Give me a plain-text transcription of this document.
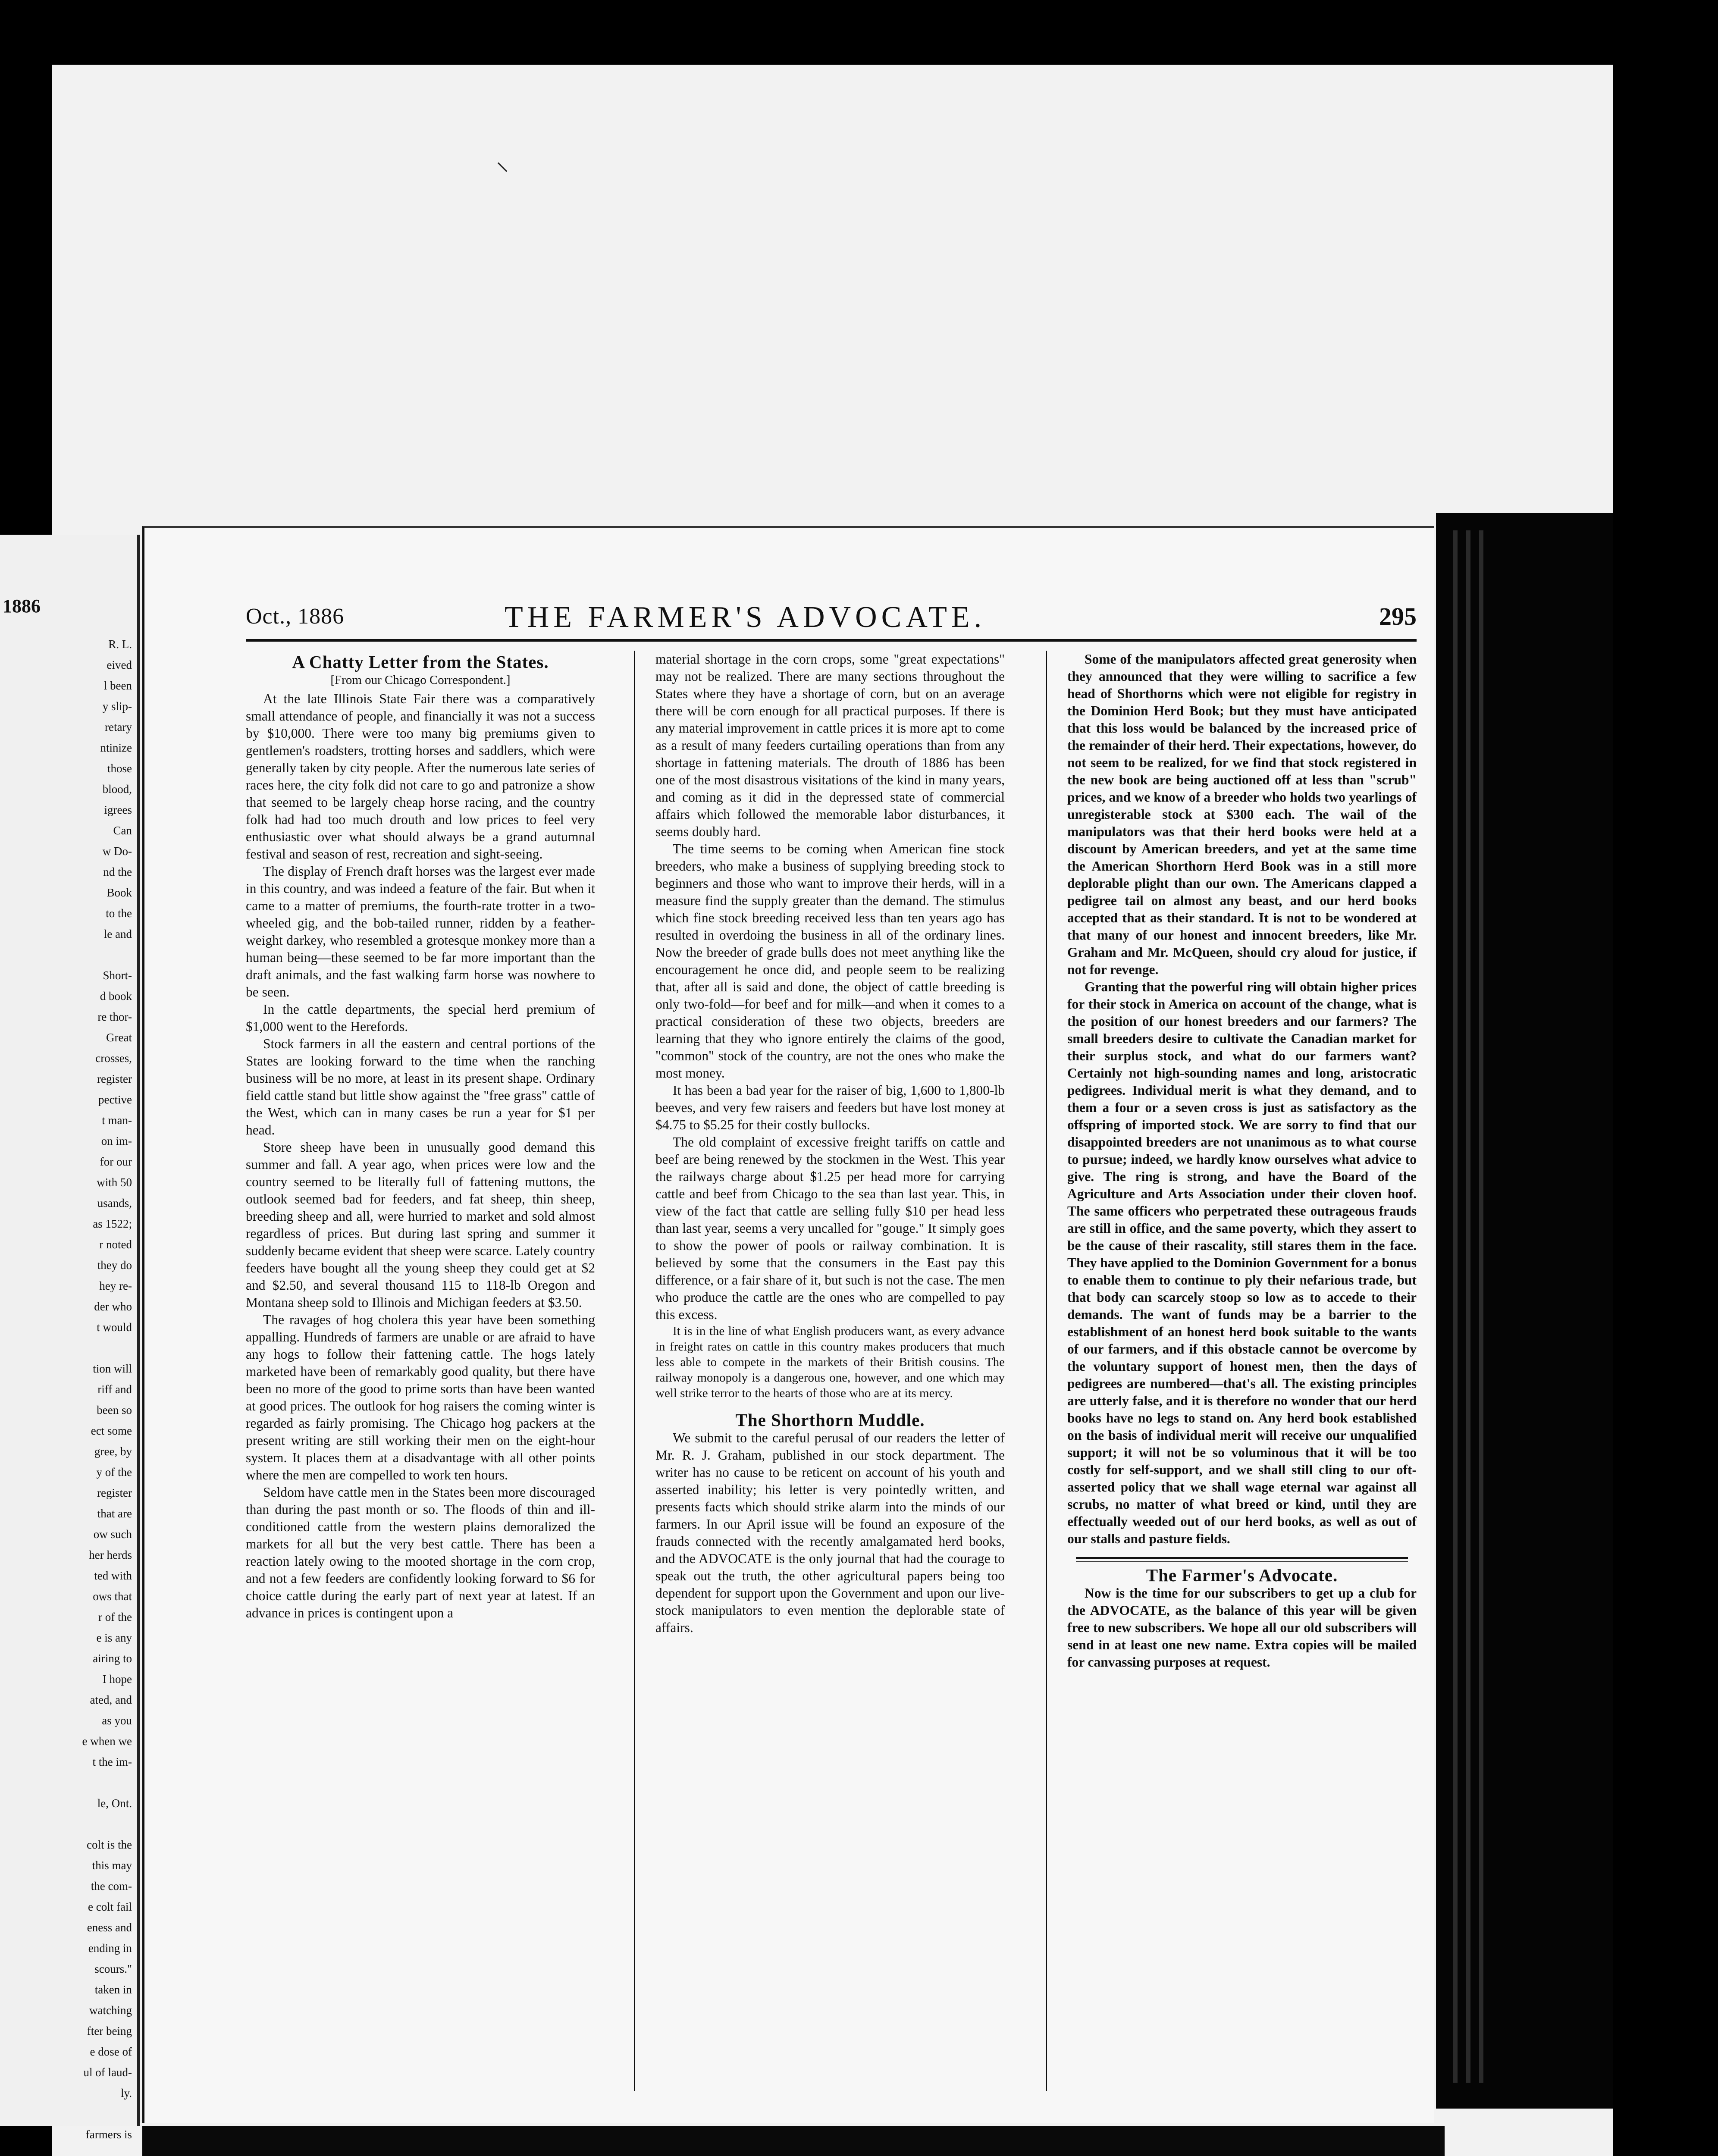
⸜
1886
R. L.
eived
l been
y slip-
retary
ntinize
those
blood,
igrees
Can
w Do-
nd the
Book
to the
le and
Short-
d book
re thor-
Great
crosses,
register
pective
t man-
on im-
for our
with 50
usands,
as 1522;
r noted
they do
hey re-
der who
t would
tion will
riff and
been so
ect some
gree, by
y of the
register
that are
ow such
her herds
ted with
ows that
r of the
e is any
airing to
I hope
ated, and
as you
e when we
t the im-
le, Ont.
colt is the
this may
the com-
e colt fail
eness and
ending in
scours."
taken in
watching
fter being
e dose of
ul of laud-
ly.
farmers is
Oct., 1886	THE FARMER'S ADVOCATE.	295
A Chatty Letter from the States.

[From our Chicago Correspondent.]

At the late Illinois State Fair there was a comparatively small attendance of people, and financially it was not a success by $10,000. There were too many big premiums given to gentlemen's roadsters, trotting horses and saddlers, which were generally taken by city people. After the numerous late series of races here, the city folk did not care to go and patronize a show that seemed to be largely cheap horse racing, and the country folk had had too much drouth and low prices to feel very enthusiastic over what should always be a grand autumnal festival and season of rest, recreation and sight-seeing.

The display of French draft horses was the largest ever made in this country, and was indeed a feature of the fair. But when it came to a matter of premiums, the fourth-rate trotter in a two-wheeled gig, and the bob-tailed runner, ridden by a feather-weight darkey, who resembled a grotesque monkey more than a human being—these seemed to be far more important than the draft animals, and the fast walking farm horse was nowhere to be seen.

In the cattle departments, the special herd premium of $1,000 went to the Herefords.

Stock farmers in all the eastern and central portions of the States are looking forward to the time when the ranching business will be no more, at least in its present shape. Ordinary field cattle stand but little show against the "free grass" cattle of the West, which can in many cases be run a year for $1 per head.

Store sheep have been in unusually good demand this summer and fall. A year ago, when prices were low and the country seemed to be literally full of fattening muttons, the outlook seemed bad for feeders, and fat sheep, thin sheep, breeding sheep and all, were hurried to market and sold almost regardless of prices. But during last spring and summer it suddenly became evident that sheep were scarce. Lately country feeders have bought all the young sheep they could get at $2 and $2.50, and several thousand 115 to 118-lb Oregon and Montana sheep sold to Illinois and Michigan feeders at $3.50.

The ravages of hog cholera this year have been something appalling. Hundreds of farmers are unable or are afraid to have any hogs to follow their fattening cattle. The hogs lately marketed have been of remarkably good quality, but there have been no more of the good to prime sorts than have been wanted at good prices. The outlook for hog raisers the coming winter is regarded as fairly promising. The Chicago hog packers at the present writing are still working their men on the eight-hour system. It places them at a disadvantage with all other points where the men are compelled to work ten hours.

Seldom have cattle men in the States been more discouraged than during the past month or so. The floods of thin and ill-conditioned cattle from the western plains demoralized the markets for all but the very best cattle. There has been a reaction lately owing to the mooted shortage in the corn crop, and not a few feeders are confidently looking forward to $6 for choice cattle during the early part of next year at latest. If an advance in prices is contingent upon a

material shortage in the corn crops, some "great expectations" may not be realized. There are many sections throughout the States where they have a shortage of corn, but on an average there will be corn enough for all practical purposes. If there is any material improvement in cattle prices it is more apt to come as a result of many feeders curtailing operations than from any shortage in fattening materials. The drouth of 1886 has been one of the most disastrous visitations of the kind in many years, and coming as it did in the depressed state of commercial affairs which followed the memorable labor disturbances, it seems doubly hard.

The time seems to be coming when American fine stock breeders, who make a business of supplying breeding stock to beginners and those who want to improve their herds, will in a measure find the supply greater than the demand. The stimulus which fine stock breeding received less than ten years ago has resulted in overdoing the business in all of the ordinary lines. Now the breeder of grade bulls does not meet anything like the encouragement he once did, and people seem to be realizing that, after all is said and done, the object of cattle breeding is only two-fold—for beef and for milk—and when it comes to a practical consideration of these two objects, breeders are learning that they who ignore entirely the claims of the good, "common" stock of the country, are not the ones who make the most money.

It has been a bad year for the raiser of big, 1,600 to 1,800-lb beeves, and very few raisers and feeders but have lost money at $4.75 to $5.25 for their costly bullocks.

The old complaint of excessive freight tariffs on cattle and beef are being renewed by the stockmen in the West. This year the railways charge about $1.25 per head more for carrying cattle and beef from Chicago to the sea than last year. This, in view of the fact that cattle are selling fully $10 per head less than last year, seems a very uncalled for "gouge." It simply goes to show the power of pools or railway combination. It is believed by some that the consumers in the East pay this difference, or a fair share of it, but such is not the case. The men who produce the cattle are the ones who are compelled to pay this excess.

It is in the line of what English producers want, as every advance in freight rates on cattle in this country makes producers that much less able to compete in the markets of their British cousins. The railway monopoly is a dangerous one, however, and one which may well strike terror to the hearts of those who are at its mercy.

The Shorthorn Muddle.

We submit to the careful perusal of our readers the letter of Mr. R. J. Graham, published in our stock department. The writer has no cause to be reticent on account of his youth and asserted inability; his letter is very pointedly written, and presents facts which should strike alarm into the minds of our farmers. In our April issue will be found an exposure of the frauds connected with the recently amalgamated herd books, and the ADVOCATE is the only journal that had the courage to speak out the truth, the other agricultural papers being too dependent for support upon the Government and upon our live-stock manipulators to even mention the deplorable state of affairs.

Some of the manipulators affected great generosity when they announced that they were willing to sacrifice a few head of Shorthorns which were not eligible for registry in the Dominion Herd Book; but they must have anticipated that this loss would be balanced by the increased price of the remainder of their herd. Their expectations, however, do not seem to be realized, for we find that stock registered in the new book are being auctioned off at less than "scrub" prices, and we know of a breeder who holds two yearlings of unregisterable stock at $300 each. The wail of the manipulators was that their herd books were held at a discount by American breeders, and yet at the same time the American Shorthorn Herd Book was in a still more deplorable plight than our own. The Americans clapped a pedigree tail on almost any beast, and our herd books accepted that as their standard. It is not to be wondered at that many of our honest and innocent breeders, like Mr. Graham and Mr. McQueen, should cry aloud for justice, if not for revenge.

Granting that the powerful ring will obtain higher prices for their stock in America on account of the change, what is the position of our honest breeders and our farmers? The small breeders desire to cultivate the Canadian market for their surplus stock, and what do our farmers want? Certainly not high-sounding names and long, aristocratic pedigrees. Individual merit is what they demand, and to them a four or a seven cross is just as satisfactory as the offspring of imported stock. We are sorry to find that our disappointed breeders are not unanimous as to what course to pursue; indeed, we hardly know ourselves what advice to give. The ring is strong, and have the Board of the Agriculture and Arts Association under their cloven hoof. The same officers who perpetrated these outrageous frauds are still in office, and the same poverty, which they assert to be the cause of their rascality, still stares them in the face. They have applied to the Dominion Government for a bonus to enable them to continue to ply their nefarious trade, but that body can scarcely stoop so low as to accede to their demands. The want of funds may be a barrier to the establishment of an honest herd book suitable to the wants of our farmers, and if this obstacle cannot be overcome by the voluntary support of honest men, then the days of pedigrees are numbered—that's all. The existing principles are utterly false, and it is therefore no wonder that our herd books have no legs to stand on. Any herd book established on the basis of individual merit will receive our unqualified support; it will not be so voluminous that it will be too costly for self-support, and we shall still cling to our oft-asserted policy that we shall wage eternal war against all scrubs, no matter of what breed or kind, until they are effectually weeded out of our herd books, as well as out of our stalls and pasture fields.

The Farmer's Advocate.

Now is the time for our subscribers to get up a club for the ADVOCATE, as the balance of this year will be given free to new subscribers. We hope all our old subscribers will send in at least one new name. Extra copies will be mailed for canvassing purposes at request.
